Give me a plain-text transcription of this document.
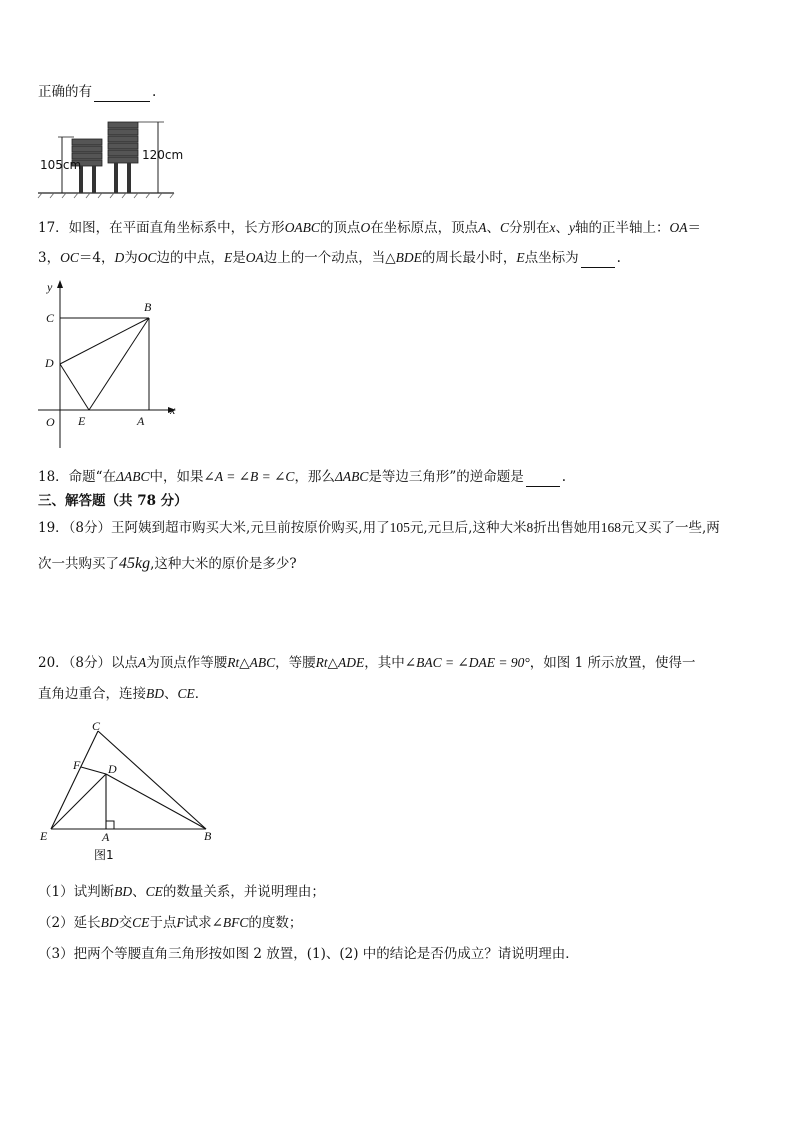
正确的有	.
105cm
120cm
17．如图，在平面直角坐标系中，长方形OABC的顶点O在坐标原点，顶点A、C分别在x、y轴的正半轴上：OA＝
3，OC＝4，D为OC边的中点，E是OA边上的一个动点，当△BDE的周长最小时，E点坐标为	.
y
x
C
B
D
O E	A
18．命题“在ΔABC中，如果∠A = ∠B = ∠C，那么ΔABC是等边三角形”的逆命题是	.
三、解答题（共 78 分）
19．（8分）王阿姨到超市购买大米,元旦前按原价购买,用了105元,元旦后,这种大米8折出售她用168元又买了一些,两
次一共购买了45kg,这种大米的原价是多少?
20．（8分）以点A为顶点作等腰Rt△ABC，等腰Rt△ADE，其中∠BAC = ∠DAE = 90°，如图 1 所示放置，使得一
直角边重合，连接BD、CE．
C
F D
E	A	B
图1
（1）试判断BD、CE的数量关系，并说明理由；
（2）延长BD交CE于点F试求∠BFC的度数；
（3）把两个等腰直角三角形按如图 2 放置，(1)、(2) 中的结论是否仍成立？请说明理由．
